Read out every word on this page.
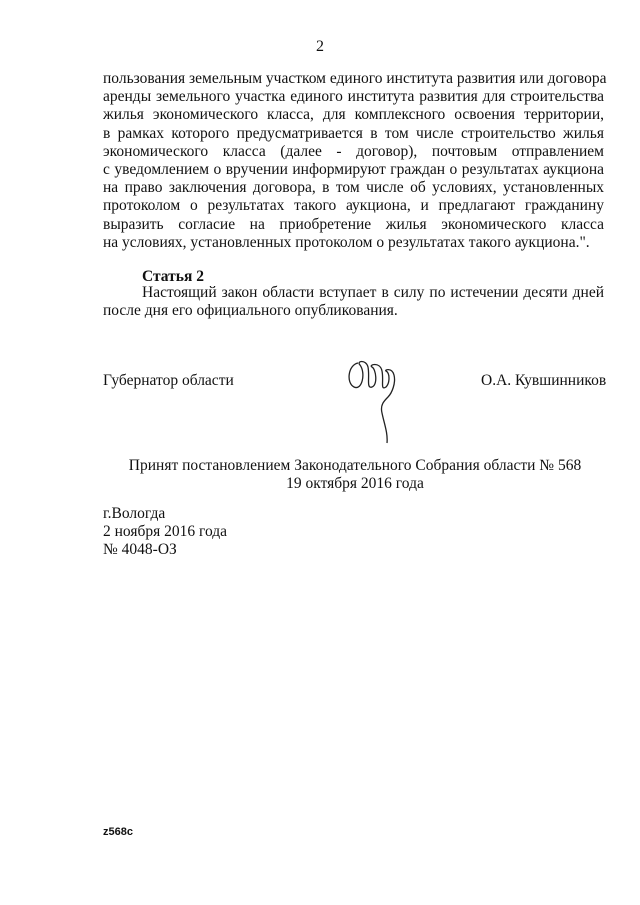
2
пользования земельным участком единого института развития или договора
аренды земельного участка единого института развития для строительства
жилья экономического класса, для комплексного освоения территории,
в рамках которого предусматривается в том числе строительство жилья
экономического класса (далее - договор), почтовым отправлением
с уведомлением о вручении информируют граждан о результатах аукциона
на право заключения договора, в том числе об условиях, установленных
протоколом о результатах такого аукциона, и предлагают гражданину
выразить согласие на приобретение жилья экономического класса
на условиях, установленных протоколом о результатах такого аукциона.".
Статья 2
Настоящий закон области вступает в силу по истечении десяти дней
после дня его официального опубликования.
Губернатор области	О.А. Кувшинников
Принят постановлением Законодательного Собрания области № 568
19 октября 2016 года
г.Вологда
2 ноября 2016 года
№ 4048-ОЗ
z568c
